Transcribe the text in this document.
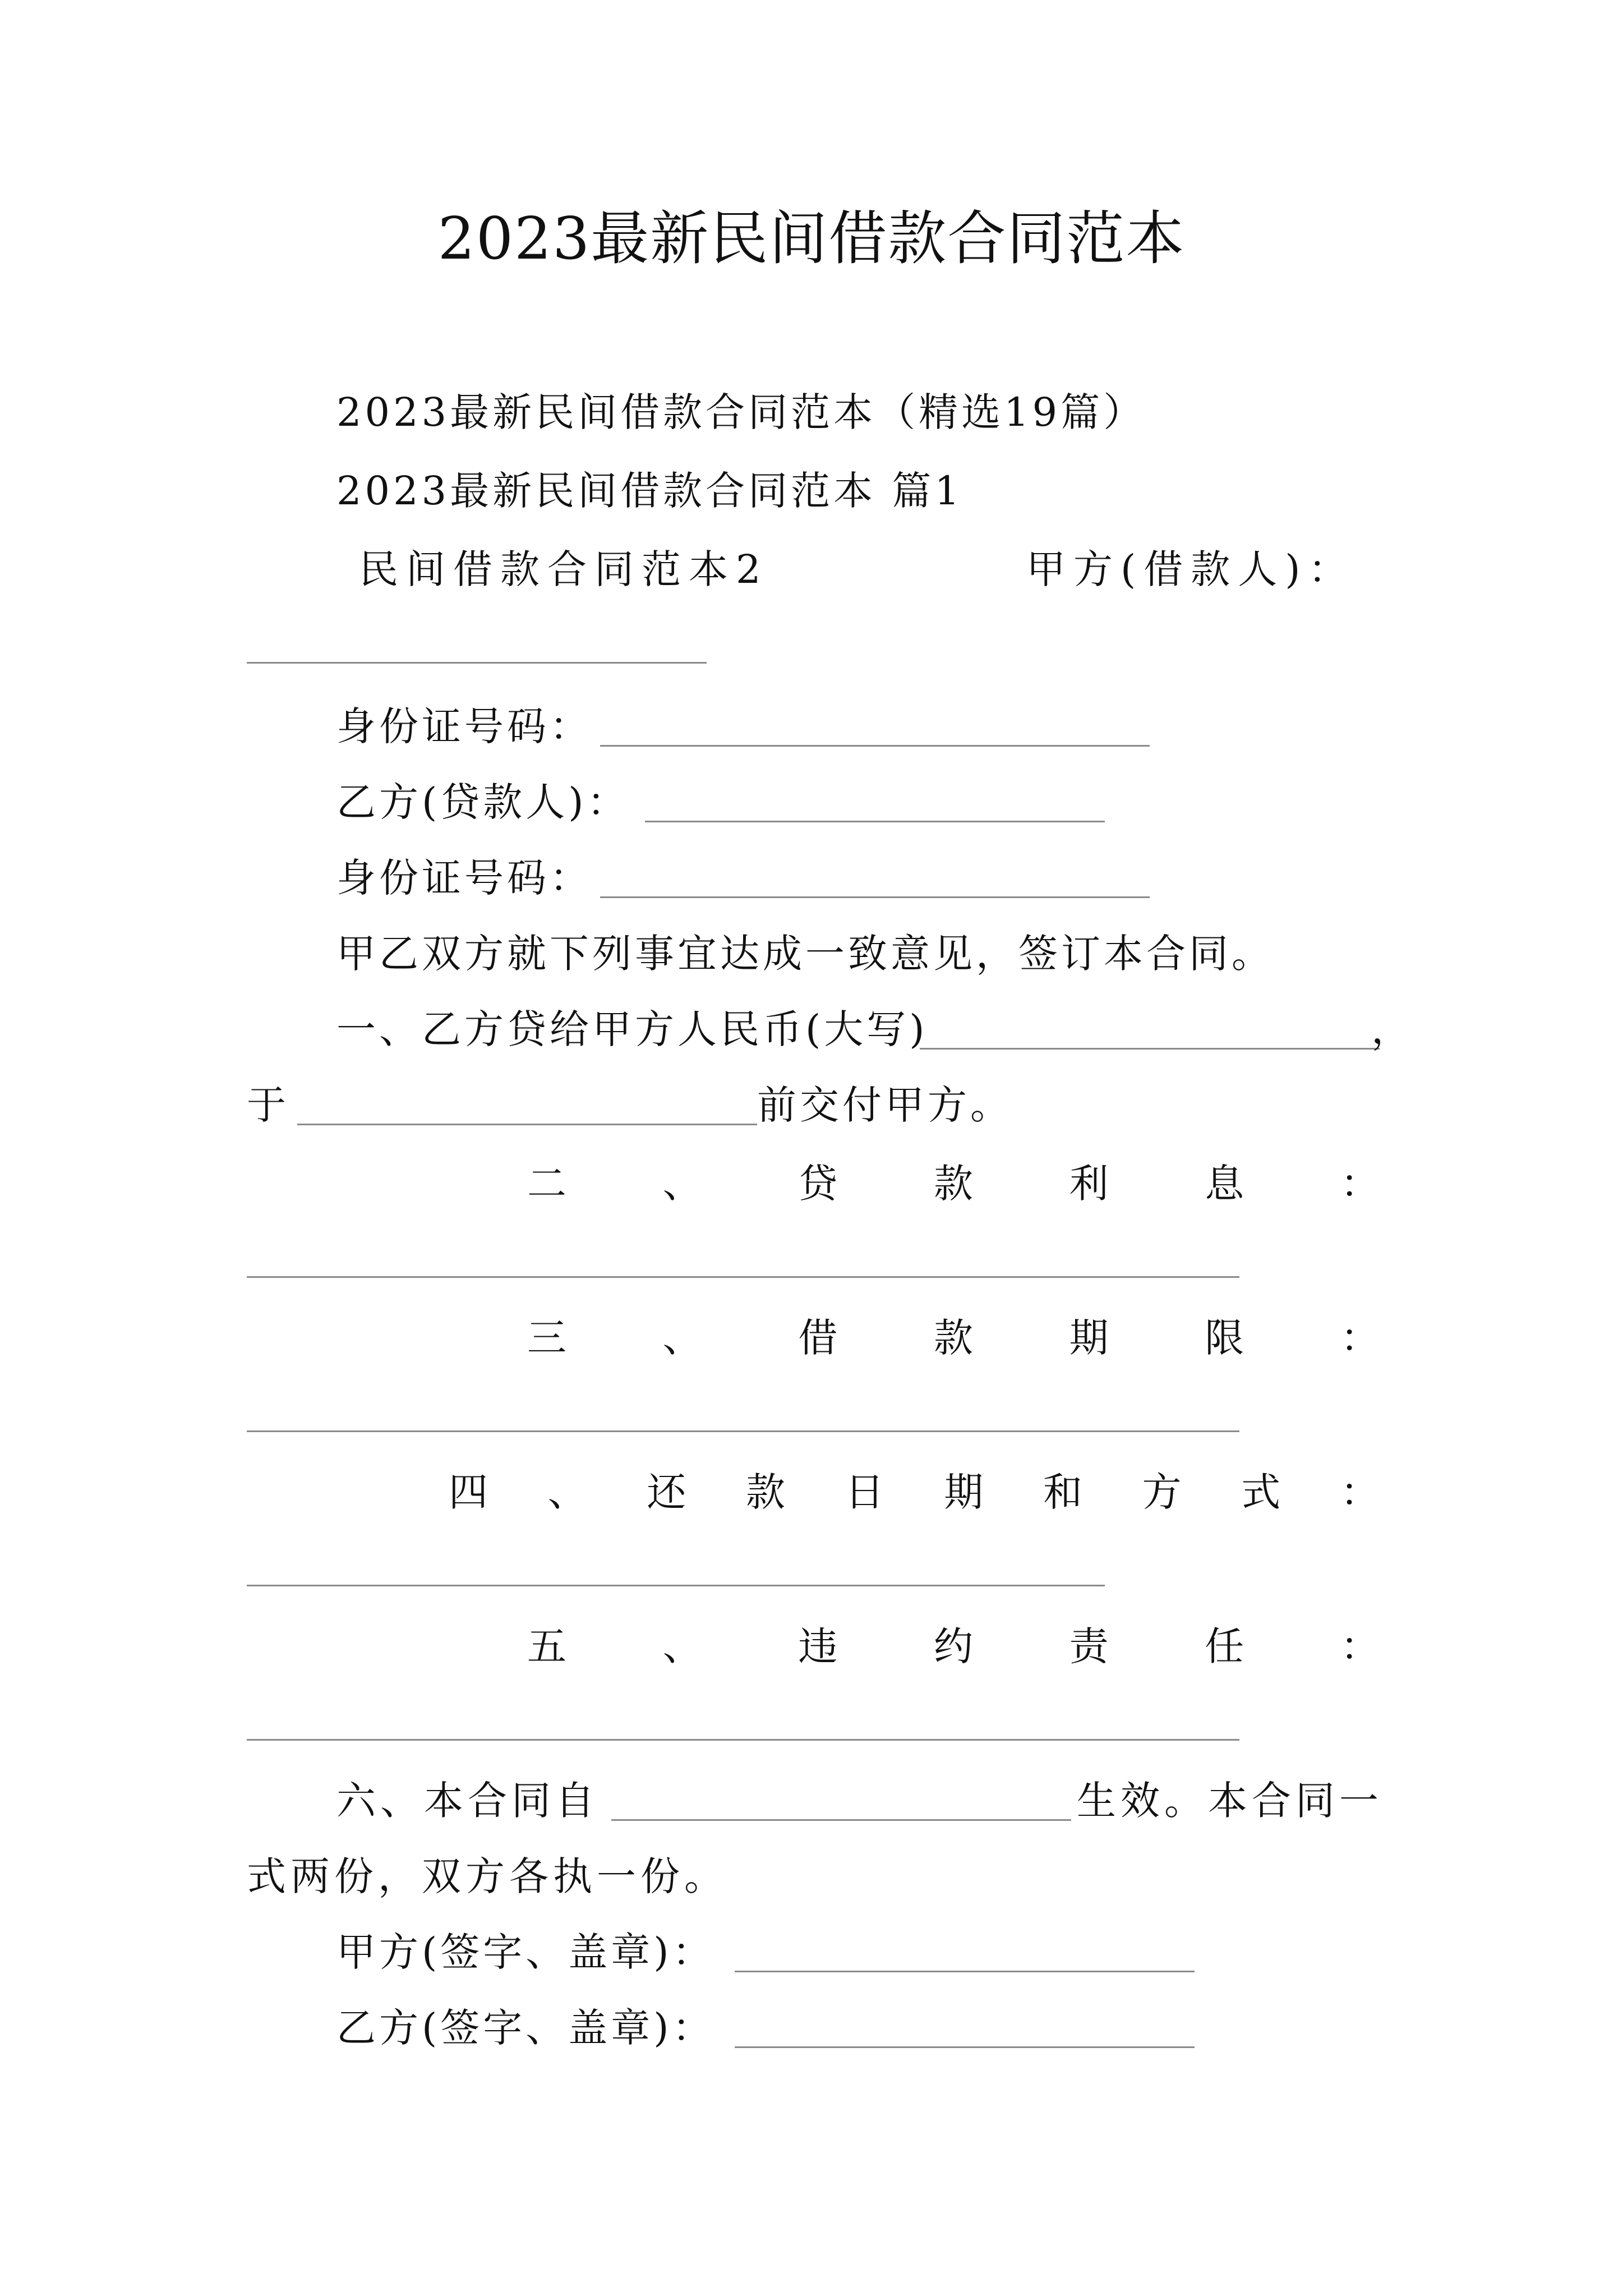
2023最新民间借款合同范本
2023最新民间借款合同范本（精选19篇）
2023最新民间借款合同范本 篇1
民间借款合同范本2	甲方(借款人)：
身份证号码：
乙方(贷款人)：
身份证号码：
甲乙双方就下列事宜达成一致意见，签订本合同。
一、乙方贷给甲方人民币(大写)	，
于	前交付甲方。
二 、 贷 款 利 息 ：
三 、 借 款 期 限 ：
四 、 还 款 日 期 和 方 式 ：
五 、 违 约 责 任 ：
六、本合同自	生效。本合同一
式两份，双方各执一份。
甲方(签字、盖章)：
乙方(签字、盖章)：
